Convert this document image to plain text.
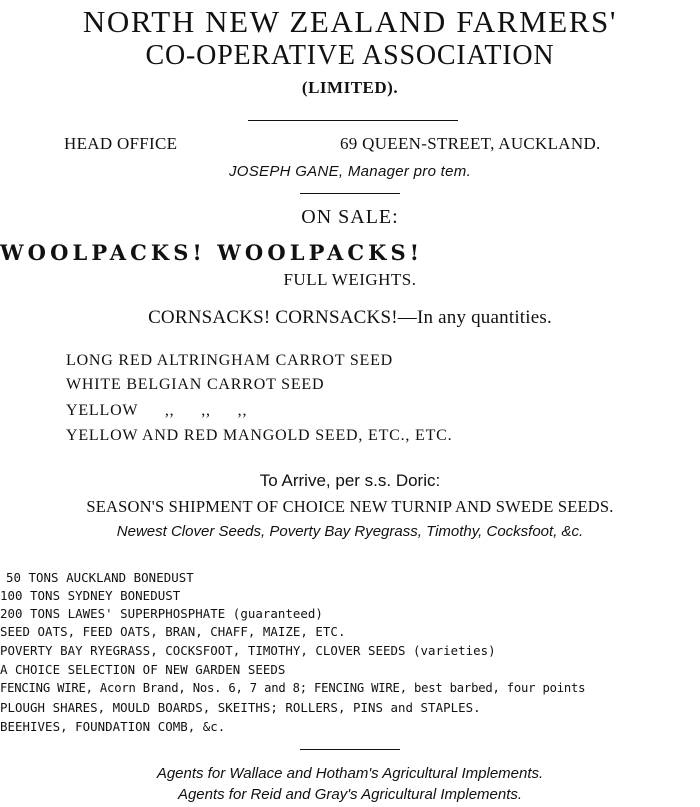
NORTH NEW ZEALAND FARMERS'
CO-OPERATIVE ASSOCIATION
(LIMITED).
HEAD OFFICE	69 QUEEN-STREET, AUCKLAND.
JOSEPH GANE, Manager pro tem.
ON SALE:
WOOLPACKS! WOOLPACKS!
FULL WEIGHTS.
CORNSACKS! CORNSACKS!—In any quantities.
LONG RED ALTRINGHAM CARROT SEED
WHITE BELGIAN CARROT SEED
YELLOW ,, ,, ,,
YELLOW AND RED MANGOLD SEED, ETC., ETC.
To Arrive, per s.s. Doric:
SEASON'S SHIPMENT OF CHOICE NEW TURNIP AND SWEDE SEEDS.
Newest Clover Seeds, Poverty Bay Ryegrass, Timothy, Cocksfoot, &c.
50 TONS AUCKLAND BONEDUST
100 TONS SYDNEY BONEDUST
200 TONS LAWES' SUPERPHOSPHATE (guaranteed)
SEED OATS, FEED OATS, BRAN, CHAFF, MAIZE, ETC.
POVERTY BAY RYEGRASS, COCKSFOOT, TIMOTHY, CLOVER SEEDS (varieties)
A CHOICE SELECTION OF NEW GARDEN SEEDS
FENCING WIRE, Acorn Brand, Nos. 6, 7 and 8; FENCING WIRE, best barbed, four points
PLOUGH SHARES, MOULD BOARDS, SKEITHS; ROLLERS, PINS and STAPLES.
BEEHIVES, FOUNDATION COMB, &c.
Agents for Wallace and Hotham's Agricultural Implements.
Agents for Reid and Gray's Agricultural Implements.
